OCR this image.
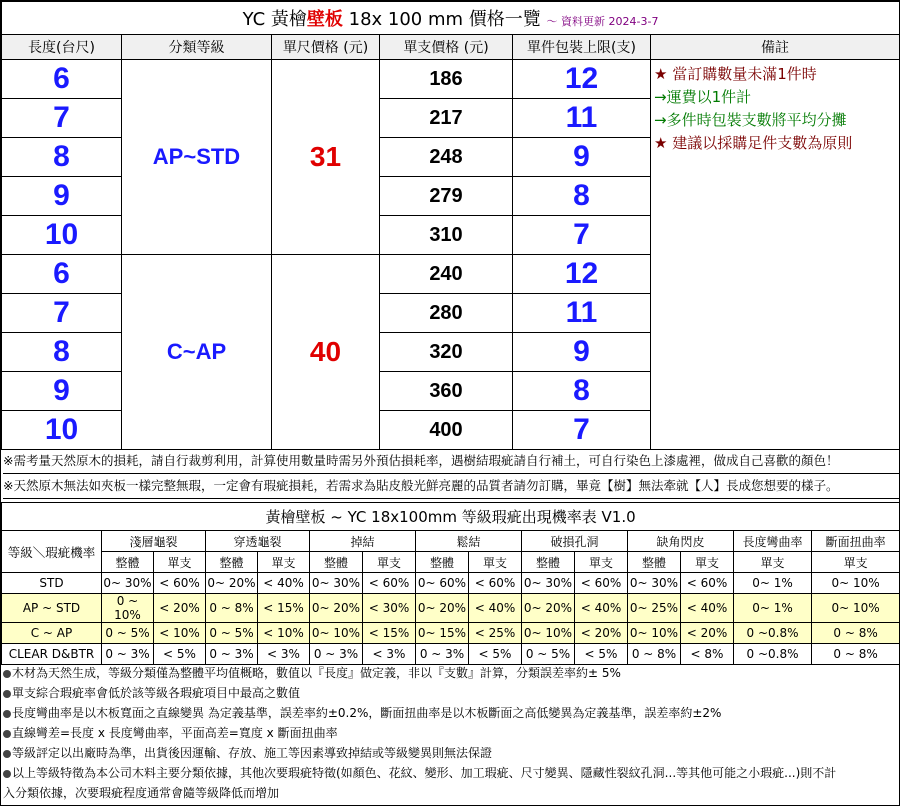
YC 黃檜壁板 18x 100 mm 價格一覽 ～ 資料更新 2024-3-7					
長度(台尺)	分類等級	單尺價格 (元)	單支價格 (元)	單件包裝上限(支)	備註
6	AP~STD	31	186	12	★ 當訂購數量未滿1件時
→運費以1件計
→多件時包裝支數將平均分攤
★ 建議以採購足件支數為原則

7			217	11	
8			248	9	
9			279	8	
10			310	7	
6	C~AP	40	240	12	
7			280	11	
8			320	9	
9			360	8	
10			400	7	
※需考量天然原木的損耗，請自行裁剪利用，計算使用數量時需另外預估損耗率，遇樹結瑕疵請自行補土，可自行染色上漆處裡，做成自己喜歡的顏色！
※天然原木無法如夾板一樣完整無瑕，一定會有瑕疵損耗，若需求為貼皮般光鮮亮麗的品質者請勿訂購，畢竟【樹】無法牽就【人】長成您想要的樣子。
黃檜壁板 ~ YC 18x100mm 等級瑕疵出現機率表 V1.0														
等級＼瑕疵機率	淺層龜裂		穿透龜裂		掉結		鬆結		破損孔洞		缺角閃皮		長度彎曲率	斷面扭曲率
	整體	單支	整體	單支	整體	單支	整體	單支	整體	單支	整體	單支	單支	單支
STD	0~ 30%	< 60%	0~ 20%	< 40%	0~ 30%	< 60%	0~ 60%	< 60%	0~ 30%	< 60%	0~ 30%	< 60%	0~ 1%	0~ 10%
AP ~ STD	0 ~ 10%	< 20%	0 ~ 8%	< 15%	0~ 20%	< 30%	0~ 20%	< 40%	0~ 20%	< 40%	0~ 25%	< 40%	0~ 1%	0~ 10%
C ~ AP	0 ~ 5%	< 10%	0 ~ 5%	< 10%	0~ 10%	< 15%	0~ 15%	< 25%	0~ 10%	< 20%	0~ 10%	< 20%	0 ~0.8%	0 ~ 8%
CLEAR D&BTR	0 ~ 3%	< 5%	0 ~ 3%	< 3%	0 ~ 3%	< 3%	0 ~ 3%	< 5%	0 ~ 5%	< 5%	0 ~ 8%	< 8%	0 ~0.8%	0 ~ 8%
木材為天然生成，等級分類僅為整體平均值概略，數值以『長度』做定義，非以『支數』計算，分類誤差率約± 5%
單支綜合瑕疵率會低於該等級各瑕疵項目中最高之數值
長度彎曲率是以木板寬面之直線變異 為定義基準，誤差率約±0.2%，斷面扭曲率是以木板斷面之高低變異為定義基準，誤差率約±2%
直線彎差=長度 x 長度彎曲率，平面高差=寬度 x 斷面扭曲率
等級評定以出廠時為準，出貨後因運輸、存放、施工等因素導致掉結或等級變異則無法保證
以上等級特徵為本公司木料主要分類依據，其他次要瑕疵特徵(如顏色、花紋、變形、加工瑕疵、尺寸變異、隱藏性裂紋孔洞...等其他可能之小瑕疵...)則不計
入分類依據，次要瑕疵程度通常會隨等級降低而增加
